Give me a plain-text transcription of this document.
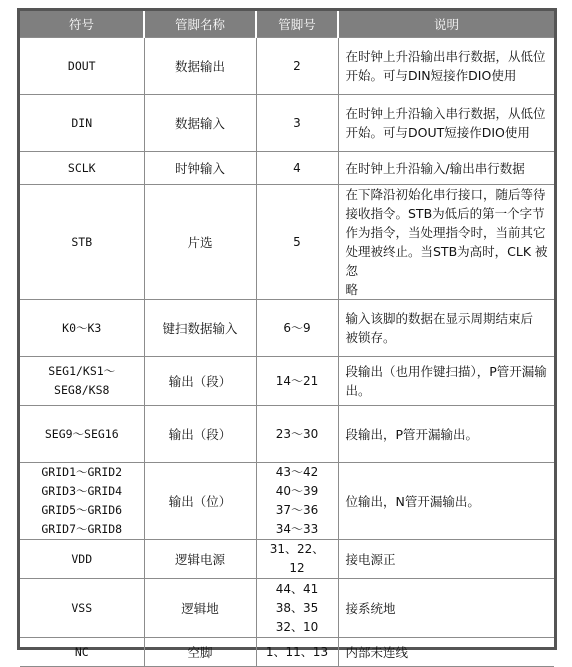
符号	管脚名称	管脚号	说明

DOUT	数据输出	2	在时钟上升沿输出串行数据，从低位
开始。可与DIN短接作DIO使用

DIN	数据输入	3	在时钟上升沿输入串行数据，从低位
开始。可与DOUT短接作DIO使用

SCLK	时钟输入	4	在时钟上升沿输入/输出串行数据

STB	片选	5	在下降沿初始化串行接口，随后等待
接收指令。STB为低后的第一个字节
作为指令，当处理指令时，当前其它
处理被终止。当STB为高时，CLK 被忽
略

K0～K3	键扫数据输入	6～9	输入该脚的数据在显示周期结束后
被锁存。

SEG1/KS1～
SEG8/KS8	输出（段）	14～21	段输出（也用作键扫描），P管开漏输
出。

SEG9～SEG16	输出（段）	23～30	段输出，P管开漏输出。

GRID1～GRID2
GRID3～GRID4
GRID5～GRID6
GRID7～GRID8	输出（位）	43～42
40～39
37～36
34～33	位输出，N管开漏输出。

VDD	逻辑电源	31、22、12	接电源正

VSS	逻辑地	44、41
38、35
32、10	接系统地

NC	空脚	1、11、13	内部未连线
